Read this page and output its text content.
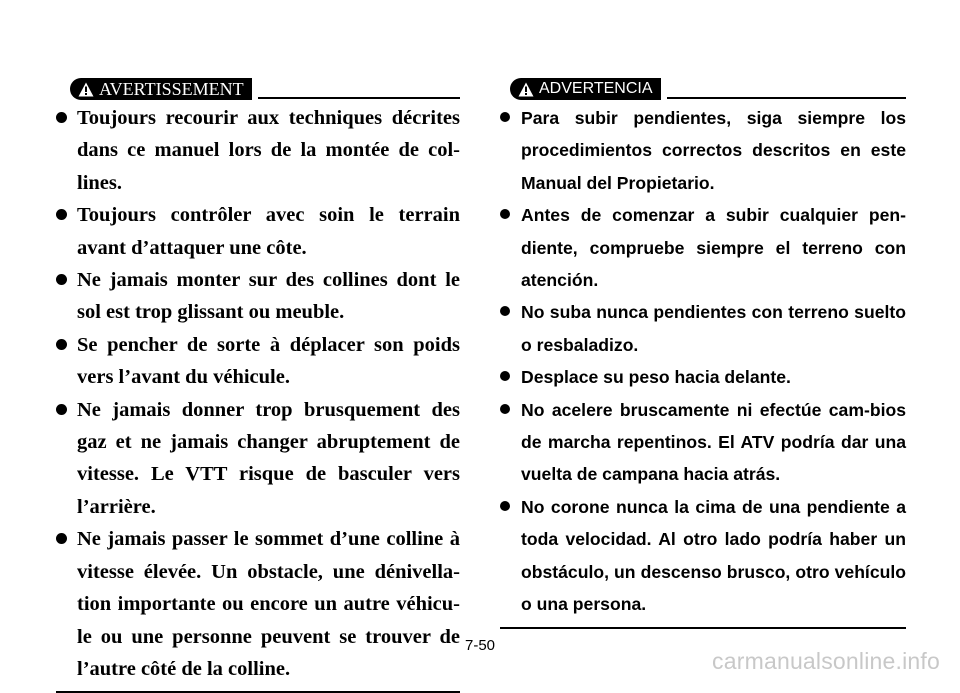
AVERTISSEMENT
Toujours recourir aux techniques décrites dans ce manuel lors de la montée de col-lines.
Toujours contrôler avec soin le terrain avant d’attaquer une côte.
Ne jamais monter sur des collines dont le sol est trop glissant ou meuble.
Se pencher de sorte à déplacer son poids vers l’avant du véhicule.
Ne jamais donner trop brusquement des gaz et ne jamais changer abruptement de vitesse. Le VTT risque de basculer vers l’arrière.
Ne jamais passer le sommet d’une colline à vitesse élevée. Un obstacle, une dénivella-tion importante ou encore un autre véhicu-le ou une personne peuvent se trouver de l’autre côté de la colline.
ADVERTENCIA
Para subir pendientes, siga siempre los procedimientos correctos descritos en este Manual del Propietario.
Antes de comenzar a subir cualquier pen-diente, compruebe siempre el terreno con atención.
No suba nunca pendientes con terreno suelto o resbaladizo.
Desplace su peso hacia delante.
No acelere bruscamente ni efectúe cam-bios de marcha repentinos. El ATV podría dar una vuelta de campana hacia atrás.
No corone nunca la cima de una pendiente a toda velocidad. Al otro lado podría haber un obstáculo, un descenso brusco, otro vehículo o una persona.
7-50
carmanualsonline.info
